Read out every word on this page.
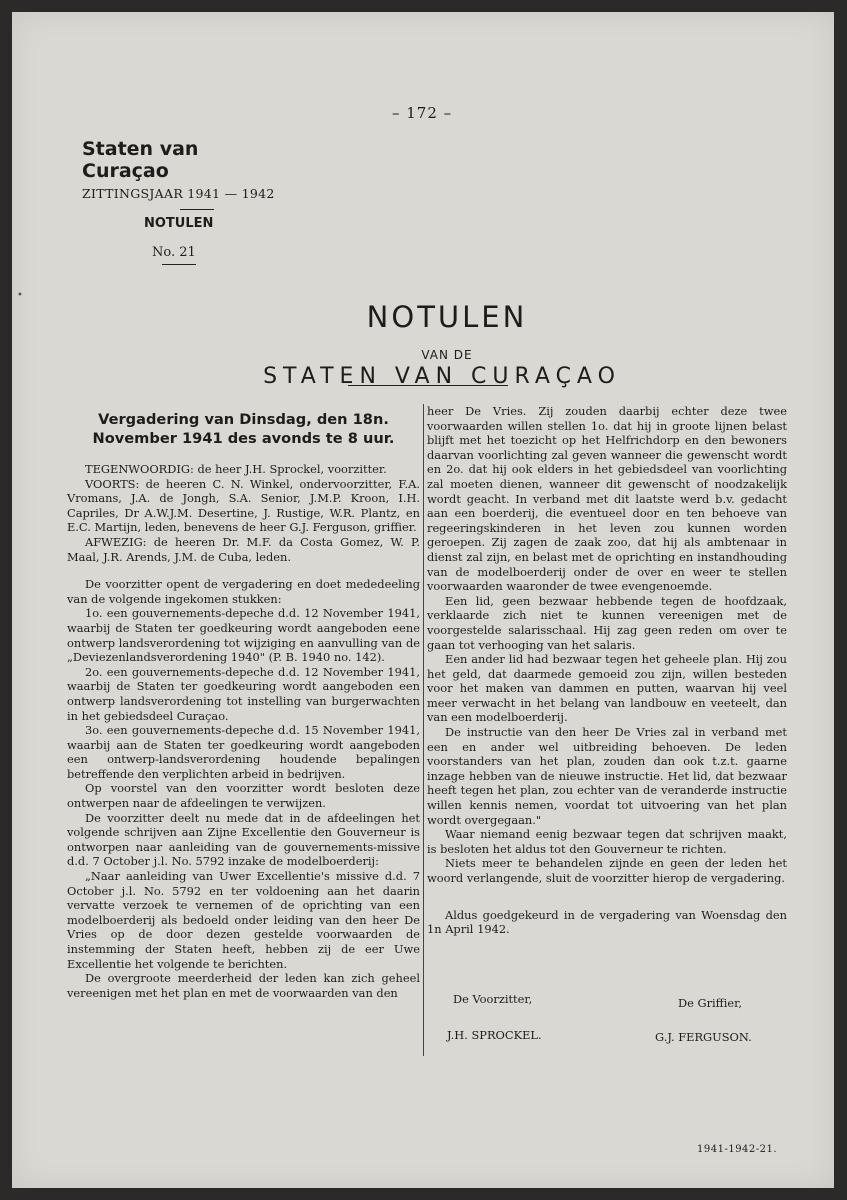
– 172 –
Staten van Curaçao
ZITTINGSJAAR 1941 — 1942
NOTULEN
No. 21
•
NOTULEN
VAN DE
STATEN VAN CURAÇAO
Vergadering van Dinsdag, den 18n. November 1941 des avonds te 8 uur.

TEGENWOORDIG: de heer J.H. Sprockel, voorzitter.

VOORTS: de heeren C. N. Winkel, ondervoorzitter, F.A. Vromans, J.A. de Jongh, S.A. Senior, J.M.P. Kroon, I.H. Capriles, Dr A.W.J.M. Desertine, J. Rustige, W.R. Plantz, en E.C. Martijn, leden, benevens de heer G.J. Ferguson, griffier.

AFWEZIG: de heeren Dr. M.F. da Costa Gomez, W. P. Maal, J.R. Arends, J.M. de Cuba, leden.

De voorzitter opent de vergadering en doet mededeeling van de volgende ingekomen stukken:

1o. een gouvernements-depeche d.d. 12 November 1941, waarbij de Staten ter goedkeuring wordt aangeboden eene ontwerp landsverordening tot wijziging en aanvulling van de „Deviezenlandsverordening 1940" (P. B. 1940 no. 142).

2o. een gouvernements-depeche d.d. 12 November 1941, waarbij de Staten ter goedkeuring wordt aangeboden een ontwerp landsverordening tot instelling van burgerwachten in het gebiedsdeel Curaçao.

3o. een gouvernements-depeche d.d. 15 November 1941, waarbij aan de Staten ter goedkeuring wordt aangeboden een ontwerp-landsverordening houdende bepalingen betreffende den verplichten arbeid in bedrijven.

Op voorstel van den voorzitter wordt besloten deze ontwerpen naar de afdeelingen te verwijzen.

De voorzitter deelt nu mede dat in de afdeelingen het volgende schrijven aan Zijne Excellentie den Gouverneur is ontworpen naar aanleiding van de gouvernements-missive d.d. 7 October j.l. No. 5792 inzake de modelboerderij:

„Naar aanleiding van Uwer Excellentie's missive d.d. 7 October j.l. No. 5792 en ter voldoening aan het daarin vervatte verzoek te vernemen of de oprichting van een modelboerderij als bedoeld onder leiding van den heer De Vries op de door dezen gestelde voorwaarden de instemming der Staten heeft, hebben zij de eer Uwe Excellentie het volgende te berichten.

De overgroote meerderheid der leden kan zich geheel vereenigen met het plan en met de voorwaarden van den

heer De Vries. Zij zouden daarbij echter deze twee voorwaarden willen stellen 1o. dat hij in groote lijnen belast blijft met het toezicht op het Helfrichdorp en den bewoners daarvan voorlichting zal geven wanneer die gewenscht wordt en 2o. dat hij ook elders in het gebiedsdeel van voorlichting zal moeten dienen, wanneer dit gewenscht of noodzakelijk wordt geacht. In verband met dit laatste werd b.v. gedacht aan een boerderij, die eventueel door en ten behoeve van regeeringskinderen in het leven zou kunnen worden geroepen. Zij zagen de zaak zoo, dat hij als ambtenaar in dienst zal zijn, en belast met de oprichting en instandhouding van de modelboerderij onder de over en weer te stellen voorwaarden waaronder de twee evengenoemde.

Een lid, geen bezwaar hebbende tegen de hoofdzaak, verklaarde zich niet te kunnen vereenigen met de voorgestelde salarisschaal. Hij zag geen reden om over te gaan tot verhooging van het salaris.

Een ander lid had bezwaar tegen het geheele plan. Hij zou het geld, dat daarmede gemoeid zou zijn, willen besteden voor het maken van dammen en putten, waarvan hij veel meer verwacht in het belang van landbouw en veeteelt, dan van een modelboerderij.

De instructie van den heer De Vries zal in verband met een en ander wel uitbreiding behoeven. De leden voorstanders van het plan, zouden dan ook t.z.t. gaarne inzage hebben van de nieuwe instructie. Het lid, dat bezwaar heeft tegen het plan, zou echter van de veranderde instructie willen kennis nemen, voordat tot uitvoering van het plan wordt overgegaan."

Waar niemand eenig bezwaar tegen dat schrijven maakt, is besloten het aldus tot den Gouverneur te richten.

Niets meer te behandelen zijnde en geen der leden het woord verlangende, sluit de voorzitter hierop de vergadering.

Aldus goedgekeurd in de vergadering van Woensdag den 1n April 1942.

De Voorzitter,	De Griffier,
J.H. SPROCKEL.	G.J. FERGUSON.
1941-1942-21.
